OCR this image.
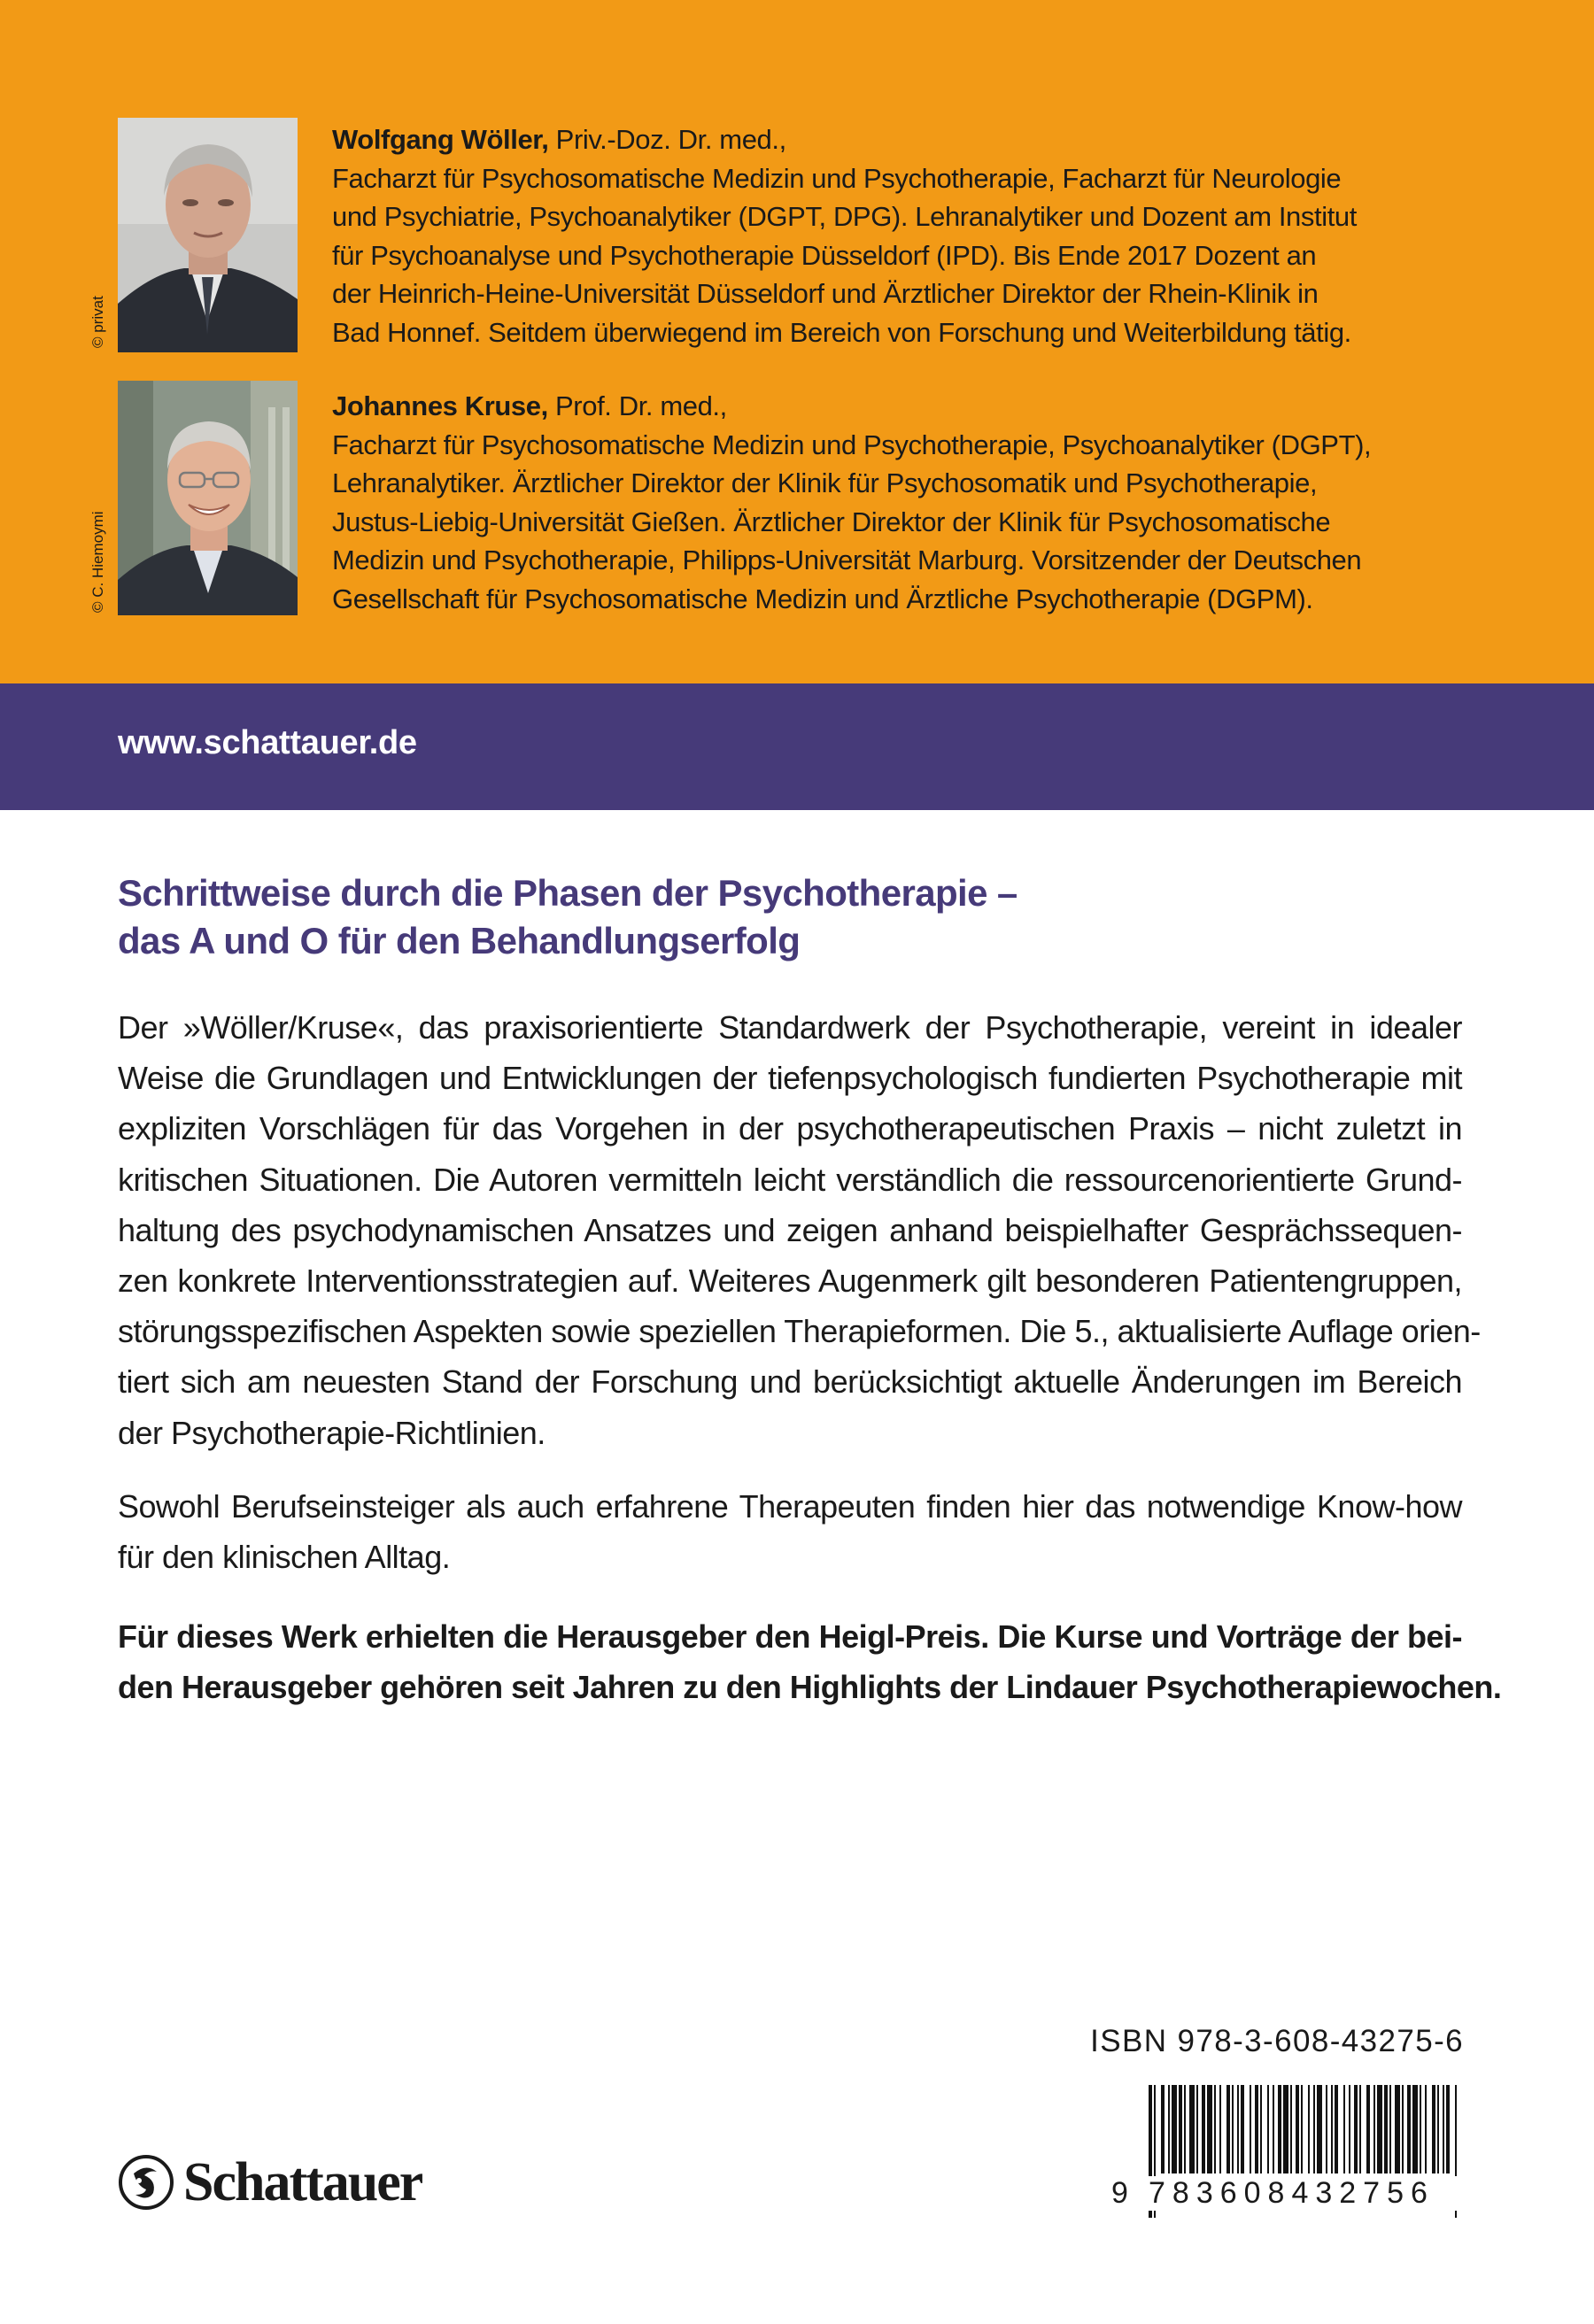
© privat
Wolfgang Wöller, Priv.-Doz. Dr. med.,
Facharzt für Psychosomatische Medizin und Psychotherapie, Facharzt für Neurologie
und Psychiatrie, Psychoanalytiker (DGPT, DPG). Lehranalytiker und Dozent am Institut
für Psychoanalyse und Psychotherapie Düsseldorf (IPD). Bis Ende 2017 Dozent an
der Heinrich-Heine-Universität Düsseldorf und Ärztlicher Direktor der Rhein-Klinik in
Bad Honnef. Seitdem überwiegend im Bereich von Forschung und Weiterbildung tätig.
© C. Hiemoymi
Johannes Kruse, Prof. Dr. med.,
Facharzt für Psychosomatische Medizin und Psychotherapie, Psychoanalytiker (DGPT),
Lehranalytiker. Ärztlicher Direktor der Klinik für Psychosomatik und Psychotherapie,
Justus-Liebig-Universität Gießen. Ärztlicher Direktor der Klinik für Psychosomatische
Medizin und Psychotherapie, Philipps-Universität Marburg. Vorsitzender der Deutschen
Gesellschaft für Psychosomatische Medizin und Ärztliche Psychotherapie (DGPM).
www.schattauer.de
Schrittweise durch die Phasen der Psychotherapie –
das A und O für den Behandlungserfolg
Der »Wöller/Kruse«, das praxisorientierte Standardwerk der Psychotherapie, vereint in idealer
Weise die Grundlagen und Entwicklungen der tiefenpsychologisch fundierten Psychotherapie mit
expliziten Vorschlägen für das Vorgehen in der psychotherapeutischen Praxis – nicht zuletzt in
kritischen Situationen. Die Autoren vermitteln leicht verständlich die ressourcenorientierte Grund-
haltung des psychodynamischen Ansatzes und zeigen anhand beispielhafter Gesprächssequen-
zen konkrete Interventionsstrategien auf. Weiteres Augenmerk gilt besonderen Patientengruppen,
störungsspezifischen Aspekten sowie speziellen Therapieformen. Die 5., aktualisierte Auflage orien-
tiert sich am neuesten Stand der Forschung und berücksichtigt aktuelle Änderungen im Bereich
der Psychotherapie-Richtlinien.
Sowohl Berufseinsteiger als auch erfahrene Therapeuten finden hier das notwendige Know-how
für den klinischen Alltag.
Für dieses Werk erhielten die Herausgeber den Heigl-Preis. Die Kurse und Vorträge der bei-
den Herausgeber gehören seit Jahren zu den Highlights der Lindauer Psychotherapiewochen.
Schattauer
ISBN 978-3-608-43275-6
9 783608432756
